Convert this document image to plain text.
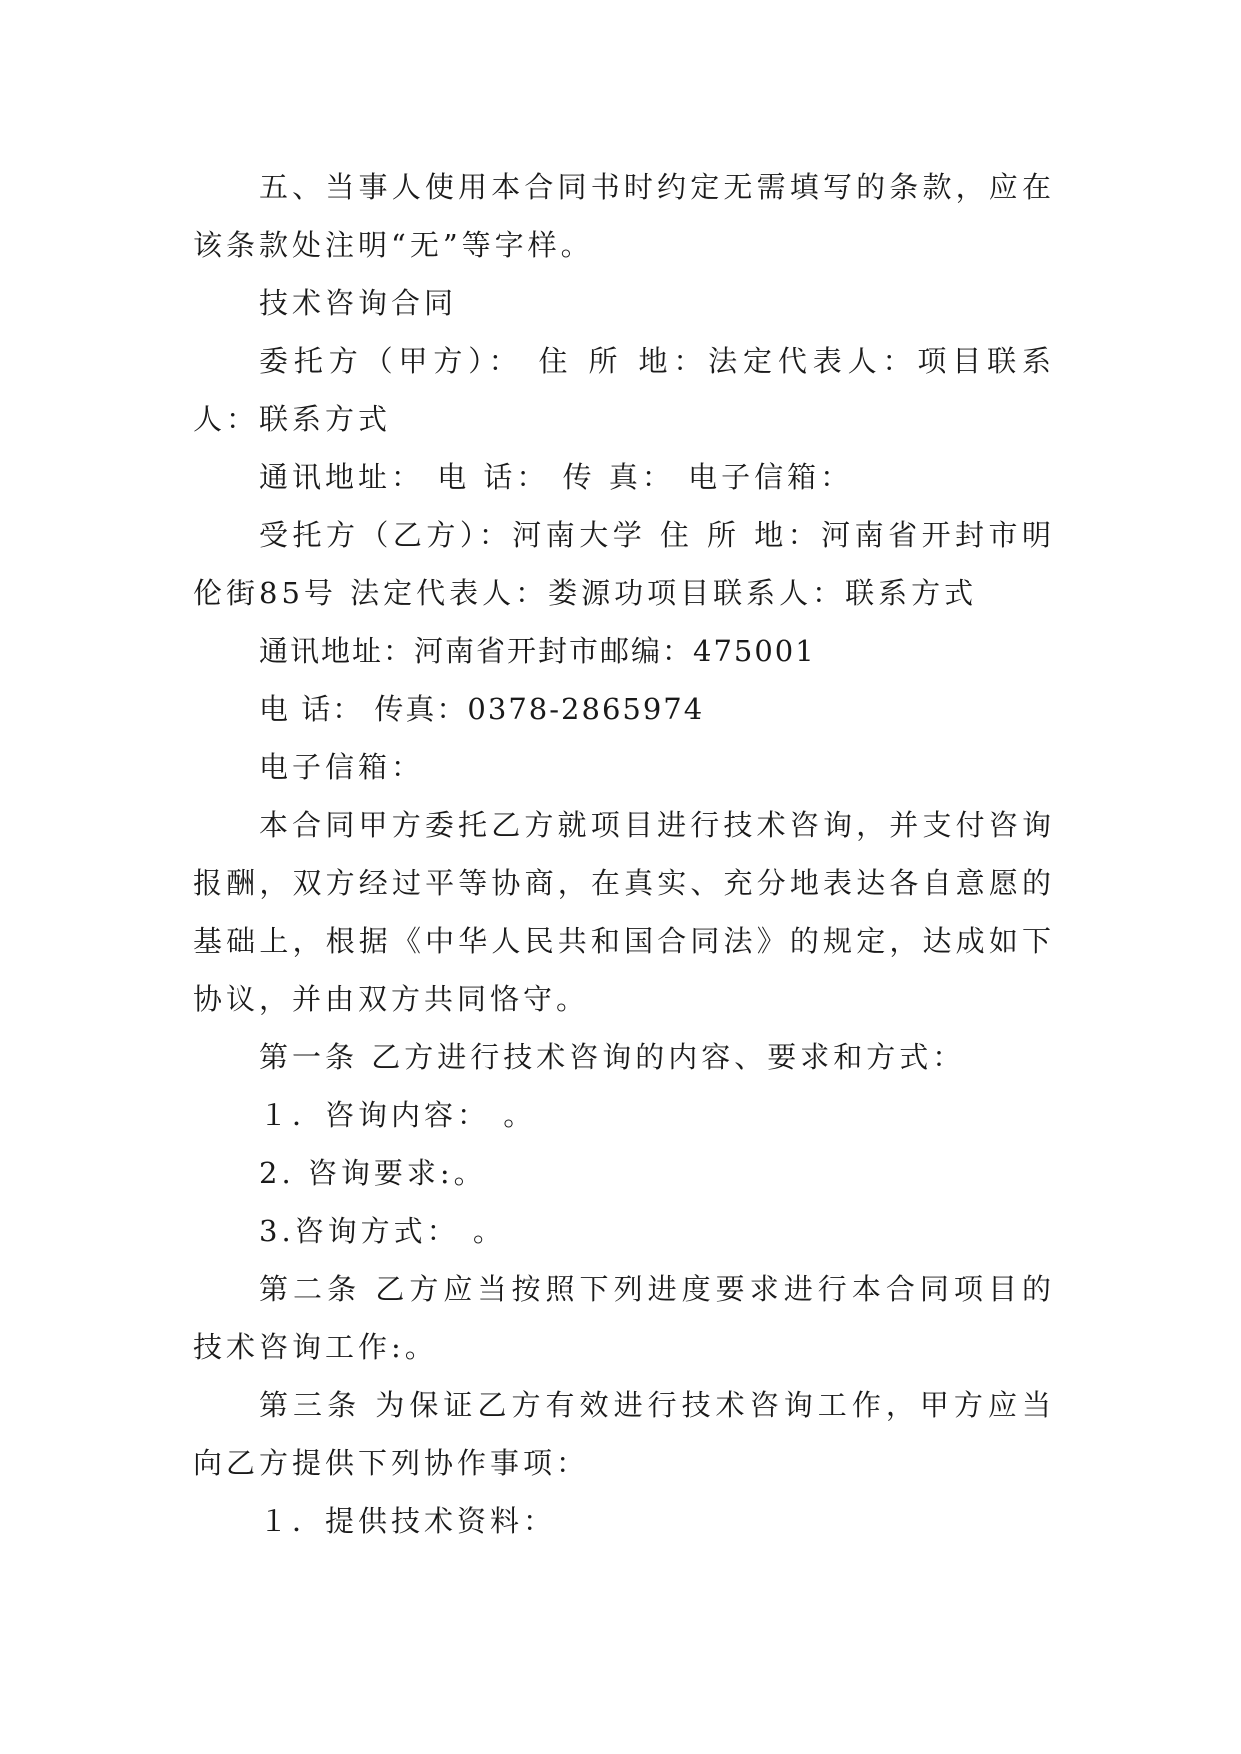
五、当事人使用本合同书时约定无需填写的条款，应在该条款处注明“无”等字样。

技术咨询合同

委托方（甲方）： 住 所 地：法定代表人：项目联系人：联系方式

通讯地址： 电 话： 传 真： 电子信箱：

受托方（乙方）：河南大学 住 所 地：河南省开封市明伦街85号 法定代表人：娄源功项目联系人：联系方式

通讯地址：河南省开封市邮编：475001

电 话： 传真：0378-2865974

电子信箱：

本合同甲方委托乙方就项目进行技术咨询，并支付咨询报酬，双方经过平等协商，在真实、充分地表达各自意愿的基础上，根据《中华人民共和国合同法》的规定，达成如下协议，并由双方共同恪守。

第一条 乙方进行技术咨询的内容、要求和方式：

１．咨询内容： 。

2. 咨询要求:。

3.咨询方式： 。

第二条 乙方应当按照下列进度要求进行本合同项目的技术咨询工作:。

第三条 为保证乙方有效进行技术咨询工作，甲方应当向乙方提供下列协作事项：

１．提供技术资料：
